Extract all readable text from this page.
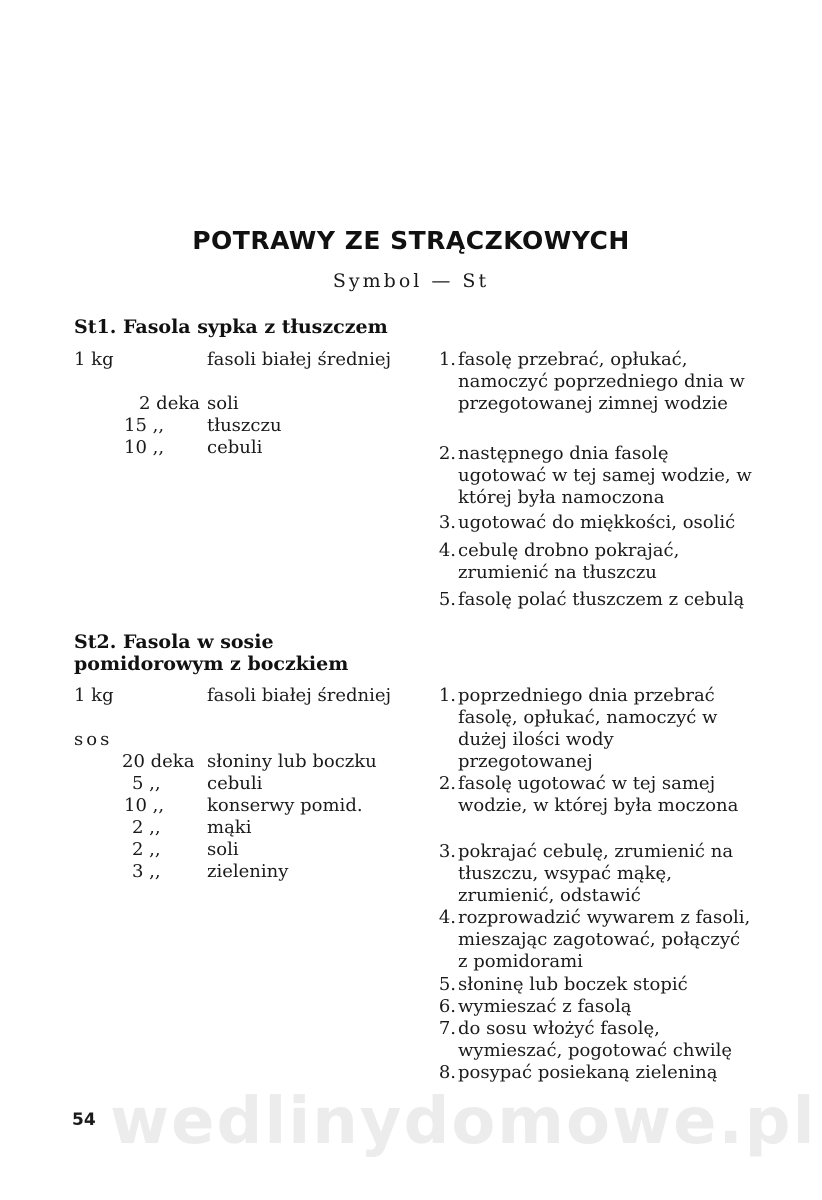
wedlinydomowe.pl
POTRAWY ZE STRĄCZKOWYCH
Symbol — St
St1. Fasola sypka z tłuszczem
1 kg	fasoli białej średniej
2 deka soli
15 ,,	tłuszczu
10 ,,	cebuli
1. fasolę przebrać, opłukać, namoczyć poprzedniego dnia w przegotowanej zimnej wodzie
2. następnego dnia fasolę ugotować w tej samej wodzie, w której była namoczona
3. ugotować do miękkości, osolić
4. cebulę drobno pokrajać, zrumienić na tłuszczu
5. fasolę polać tłuszczem z cebulą
St2. Fasola w sosie pomidorowym z boczkiem
1 kg	fasoli białej średniej
sos
20 deka słoniny lub boczku
5 ,,	cebuli
10 ,,	konserwy pomid.
2 ,,	mąki
2 ,,	soli
3 ,,	zieleniny
1. poprzedniego dnia przebrać fasolę, opłukać, namoczyć w dużej ilości wody przegotowanej
2. fasolę ugotować w tej samej wodzie, w której była moczona
3. pokrajać cebulę, zrumienić na tłuszczu, wsypać mąkę, zrumienić, odstawić
4. rozprowadzić wywarem z fasoli, mieszając zagotować, połączyć z pomidorami
5. słoninę lub boczek stopić
6. wymieszać z fasolą
7. do sosu włożyć fasolę, wymieszać, pogotować chwilę
8. posypać posiekaną zieleniną
54
